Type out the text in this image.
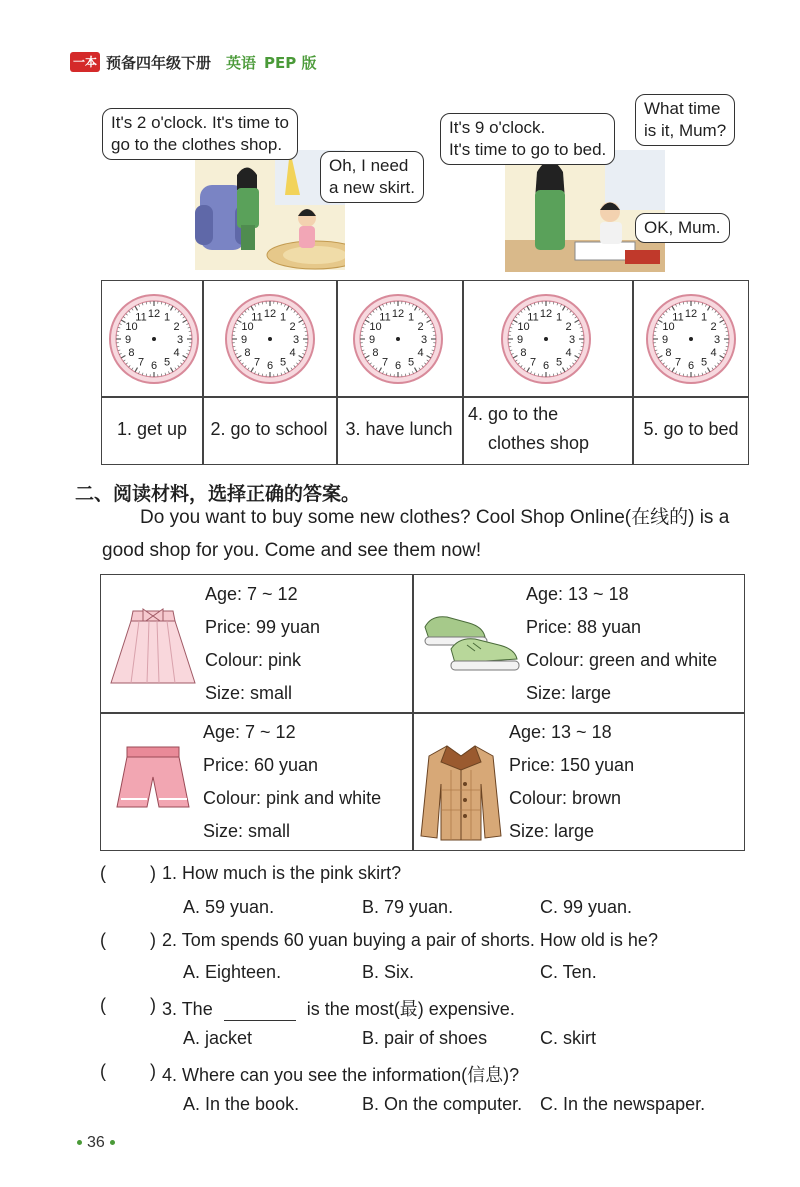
一本 预备四年级下册 英语 PEP 版
It's 2 o'clock. It's time to
go to the clothes shop.
Oh, I need
a new skirt.
It's 9 o'clock.
It's time to go to bed.
What time
is it, Mum?
OK, Mum.
1
2
3
4
5
6
7
8
9
10
11 12	1
2
3
4
5
6
7
8
9
10
11 12	1
2
3
4
5
6
7
8
9
10
11 12	1
2
3
4
5
6
7
8
9
10
11 12	1
2
3
4
5
6
7
8
9
10
11 12
1. get up	2. go to school 3. have lunch
4. go to the
clothes shop
5. go to bed
二、阅读材料，选择正确的答案。
Do you want to buy some new clothes? Cool Shop Online(在线的) is a
good shop for you. Come and see them now!
Age: 7 ~ 12
Price: 99 yuan
Colour: pink
Size: small
Age: 13 ~ 18
Price: 88 yuan
Colour: green and white
Size: large
Age: 7 ~ 12
Price: 60 yuan
Colour: pink and white
Size: small
Age: 13 ~ 18
Price: 150 yuan
Colour: brown
Size: large
( ) 1. How much is the pink skirt?
A. 59 yuan.	B. 79 yuan.	C. 99 yuan.
( ) 2. Tom spends 60 yuan buying a pair of shorts. How old is he?
A. Eighteen.	B. Six.	C. Ten.
( ) 3. The	is the most(最) expensive.
A. jacket	B. pair of shoes	C. skirt
( ) 4. Where can you see the information(信息)?
A. In the book.	B. On the computer. C. In the newspaper.
36
